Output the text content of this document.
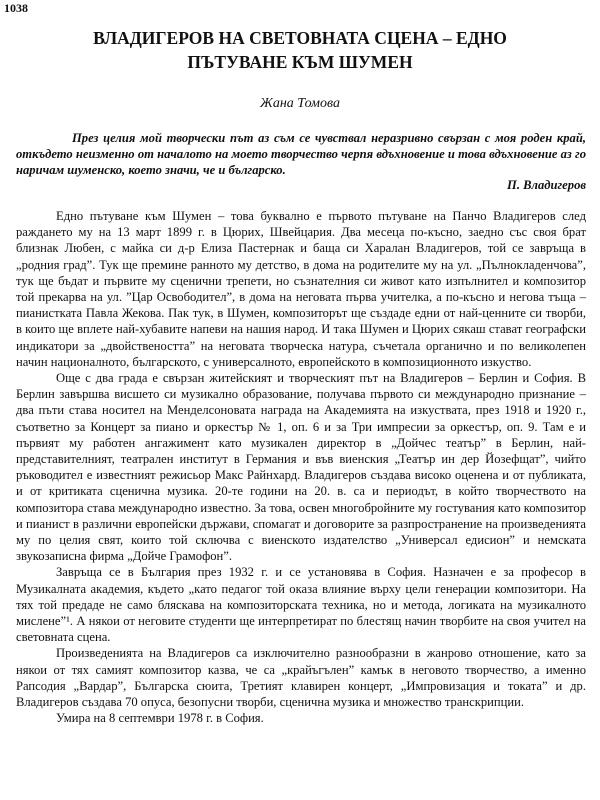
1038
ВЛАДИГЕРОВ НА СВЕТОВНАТА СЦЕНА – ЕДНО
ПЪТУВАНЕ КЪМ ШУМЕН

Жана Томова

През целия мой творчески път аз съм се чувствал неразривно свързан с моя роден край, откъдето неизменно от началото на моето творчество черпя вдъхновение и това вдъхновение аз го наричам шуменско, което значи, че и българско.

П. Владигеров

Едно пътуване към Шумен – това буквално е първото пътуване на Панчо Владигеров след раждането му на 13 март 1899 г. в Цюрих, Швейцария. Два месеца по-късно, заедно със своя брат близнак Любен, с майка си д-р Елиза Пастернак и баща си Харалан Владигеров, той се завръща в „родния град”. Тук ще премине ранното му детство, в дома на родителите му на ул. „Пълнокладенчова”, тук ще бъдат и първите му сценични трепети, но съзнателния си живот като изпълнител и композитор той прекарва на ул. ”Цар Освободител”, в дома на неговата първа учителка, а по-късно и негова тъща – пианистката Павла Жекова. Пак тук, в Шумен, композиторът ще създаде едни от най-ценните си творби, в които ще вплете най-хубавите напеви на нашия народ. И така Шумен и Цюрих сякаш стават географски индикатори за „двойствеността” на неговата творческа натура, съчетала органично и по великолепен начин националното, българското, с универсалното, европейското в композиционното изкуство.

Още с два града е свързан житейският и творческият път на Владигеров – Берлин и София. В Берлин завършва висшето си музикално образование, получава първото си международно признание – два пъти става носител на Менделсоновата награда на Академията на изкуствата, през 1918 и 1920 г., съответно за Концерт за пиано и оркестър № 1, оп. 6 и за Три импресии за оркестър, оп. 9. Там е и първият му работен ангажимент като музикален директор в „Дойчес театър” в Берлин, най-представителният, театрален институт в Германия и във виенския „Театър ин дер Йозефщат”, чийто ръководител е известният режисьор Макс Райнхард. Владигеров създава високо оценена и от публиката, и от критиката сценична музика. 20-те години на 20. в. са и периодът, в който творчеството на композитора става международно известно. За това, освен многобройните му гостувания като композитор и пианист в различни европейски държави, спомагат и договорите за разпространение на произведенията му по целия свят, които той сключва с виенското издателство „Универсал едисион” и немската звукозаписна фирма „Дойче Грамофон”.

Завръща се в България през 1932 г. и се установява в София. Назначен е за професор в Музикалната академия, където „като педагог той оказа влияние върху цели генерации композитори. На тях той предаде не само бляскава на композиторската техника, но и метода, логиката на музикалното мислене”¹. А някои от неговите студенти ще интерпретират по блестящ начин творбите на своя учител на световната сцена.

Произведенията на Владигеров са изключително разнообразни в жанрово отношение, като за някои от тях самият композитор казва, че са „крайъгълен” камък в неговото творчество, а именно Рапсодия „Вардар”, Българска сюита, Третият клавирен концерт, „Импровизация и токата” и др. Владигеров създава 70 опуса, безопусни творби, сценична музика и множество транскрипции.

Умира на 8 септември 1978 г. в София.
